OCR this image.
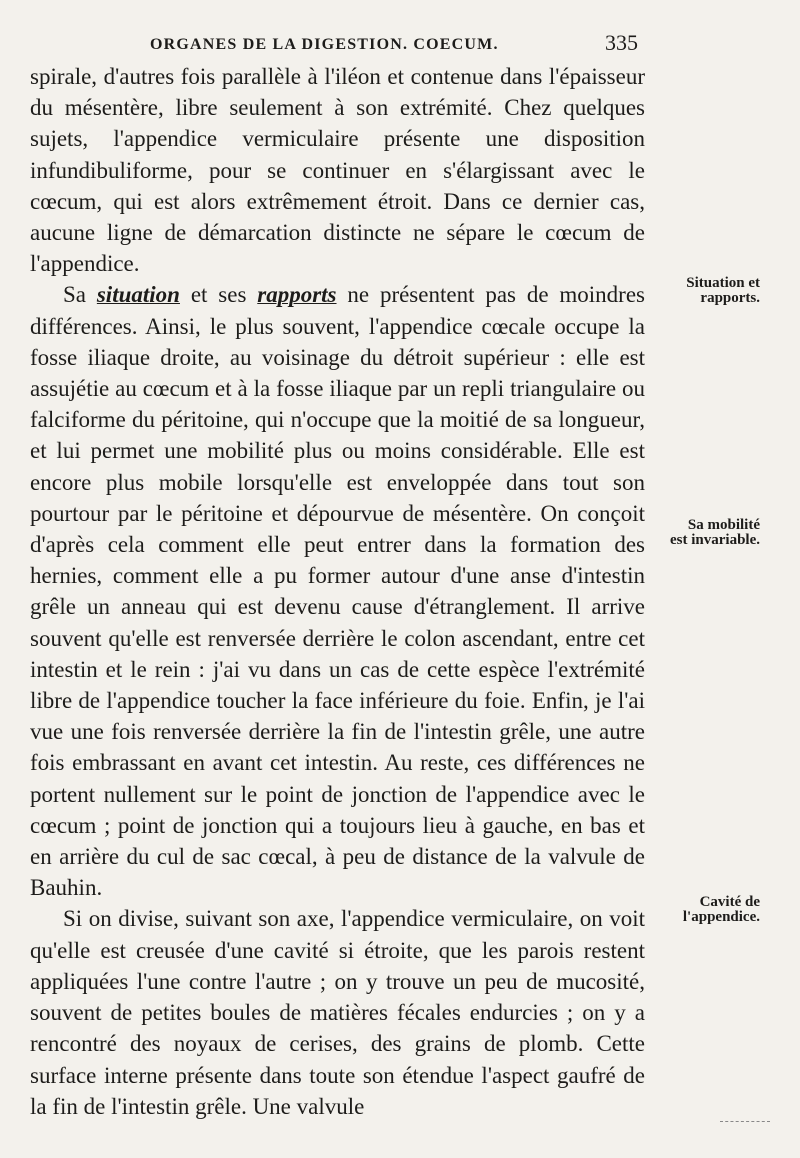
ORGANES DE LA DIGESTION. COECUM.	335

spirale, d'autres fois parallèle à l'iléon et contenue dans l'épaisseur du mésentère, libre seulement à son extrémité. Chez quelques sujets, l'appendice vermiculaire présente une disposition infundibuliforme, pour se continuer en s'élargissant avec le cœcum, qui est alors extrêmement étroit. Dans ce dernier cas, aucune ligne de démarcation distincte ne sépare le cœcum de l'appendice.

Sa situation et ses rapports ne présentent pas de moindres différences. Ainsi, le plus souvent, l'appendice cœcale occupe la fosse iliaque droite, au voisinage du détroit supérieur : elle est assujétie au cœcum et à la fosse iliaque par un repli triangulaire ou falciforme du péritoine, qui n'occupe que la moitié de sa longueur, et lui permet une mobilité plus ou moins considérable. Elle est encore plus mobile lorsqu'elle est enveloppée dans tout son pourtour par le péritoine et dépourvue de mésentère. On conçoit d'après cela comment elle peut entrer dans la formation des hernies, comment elle a pu former autour d'une anse d'intestin grêle un anneau qui est devenu cause d'étranglement. Il arrive souvent qu'elle est renversée derrière le colon ascendant, entre cet intestin et le rein : j'ai vu dans un cas de cette espèce l'extrémité libre de l'appendice toucher la face inférieure du foie. Enfin, je l'ai vue une fois renversée derrière la fin de l'intestin grêle, une autre fois embrassant en avant cet intestin. Au reste, ces différences ne portent nullement sur le point de jonction de l'appendice avec le cœcum ; point de jonction qui a toujours lieu à gauche, en bas et en arrière du cul de sac cœcal, à peu de distance de la valvule de Bauhin.

Si on divise, suivant son axe, l'appendice vermiculaire, on voit qu'elle est creusée d'une cavité si étroite, que les parois restent appliquées l'une contre l'autre ; on y trouve un peu de mucosité, souvent de petites boules de matières fécales endurcies ; on y a rencontré des noyaux de cerises, des grains de plomb. Cette surface interne présente dans toute son étendue l'aspect gaufré de la fin de l'intestin grêle. Une valvule

Situation et
rapports.
Sa mobilité
est invariable.
Cavité de
l'appendice.
